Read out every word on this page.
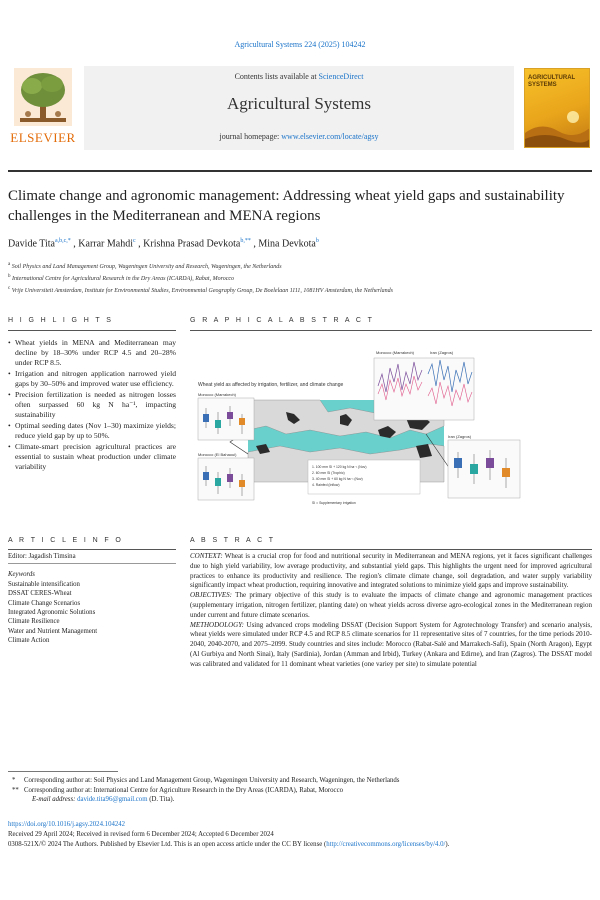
Agricultural Systems 224 (2025) 104242
ELSEVIER
Contents lists available at ScienceDirect
Agricultural Systems
journal homepage: www.elsevier.com/locate/agsy
AGRICULTURAL SYSTEMS
Climate change and agronomic management: Addressing wheat yield gaps and sustainability challenges in the Mediterranean and MENA regions
Davide Tita$^{a,b,c,*}$ , Karrar Mahdi$^c$ , Krishna Prasad Devkota$^{b,**}$ , Mina Devkota$^b$
$^a$ Soil Physics and Land Management Group, Wageningen University and Research, Wageningen, the Netherlands
$^b$ International Centre for Agricultural Research in the Dry Areas (ICARDA), Rabat, Morocco
$^c$ Vrije Universiteit Amsterdam, Institute for Environmental Studies, Environmental Geography Group, De Boelelaan 1111, 1081HV Amsterdam, the Netherlands
H I G H L I G H T S
• Wheat yields in MENA and Mediterranean may decline by 18–30% under RCP 4.5 and 20–28% under RCP 8.5.
• Irrigation and nitrogen application narrowed yield gaps by 30–50% and improved water use efficiency.
• Precision fertilization is needed as nitrogen losses often surpassed 60 kg N ha⁻¹, impacting sustainability
• Optimal seeding dates (Nov 1–30) maximize yields; reduce yield gap by up to 50%.
• Climate-smart precision agricultural practices are essential to sustain wheat production under climate variability
G R A P H I C A L A B S T R A C T
Wheat yield as affected by irrigation, fertilizer, and climate change
Morocco (Marrakech)
Morocco (El Bahaoui)
Morocco (Marrakech)	Iran (Zagros)
Iran (Zagros)
1. 100 mm SI + 120 kg N ha⁻¹ (Nov)
2. 60 mm SI (Trophic)
3. 40 mm SI + 60 kg N ha⁻¹ (Nov)
4. Rainfed (Inflow)
SI = Supplementary irrigation
A R T I C L E I N F O
Editor: Jagadish Timsina
Keywords
Sustainable intensification
DSSAT CERES-Wheat
Climate Change Scenarios
Integrated Agronomic Solutions
Climate Resilience
Water and Nutrient Management
Climate Action
A B S T R A C T

CONTEXT: Wheat is a crucial crop for food and nutritional security in Mediterranean and MENA regions, yet it faces significant challenges due to high yield variability, low average productivity, and substantial yield gaps. This highlights the urgent need for improved agricultural practices to enhance its productivity and resilience. The region's climate climate change, soil degradation, and water supply variability significantly impact wheat production, requiring innovative and integrated solutions to minimize yield gaps and improve sustainability.

OBJECTIVES: The primary objective of this study is to evaluate the impacts of climate change and agronomic management practices (supplementary irrigation, nitrogen fertilizer, planting date) on wheat yields across diverse agro-ecological zones in the Mediterranean region under current and future climate scenarios.

METHODOLOGY: Using advanced crops modeling DSSAT (Decision Support System for Agrotechnology Transfer) and scenario analysis, wheat yields were simulated under RCP 4.5 and RCP 8.5 climate scenarios for 11 representative sites of 7 countries, for the time periods 2010-2040, 2040-2070, and 2075–2099. Study countries and sites include: Morocco (Rabat-Salé and Marrakech-Safi), Spain (North Aragon), Egypt (Al Gurbiya and North Sinai), Italy (Sardinia), Jordan (Amman and Irbid), Turkey (Ankara and Edirne), and Iran (Zagros). The DSSAT model was calibrated and validated for 11 dominant wheat varieties (one variey per site) to simulate potential

* Corresponding author at: Soil Physics and Land Management Group, Wageningen University and Research, Wageningen, the Netherlands
** Corresponding author at: International Centre for Agriculture Research in the Dry Areas (ICARDA), Rabat, Morocco
E-mail address: davide.tita96@gmail.com (D. Tita).
https://doi.org/10.1016/j.agsy.2024.104242
Received 29 April 2024; Received in revised form 6 December 2024; Accepted 6 December 2024
0308-521X/© 2024 The Authors. Published by Elsevier Ltd. This is an open access article under the CC BY license (http://creativecommons.org/licenses/by/4.0/).
